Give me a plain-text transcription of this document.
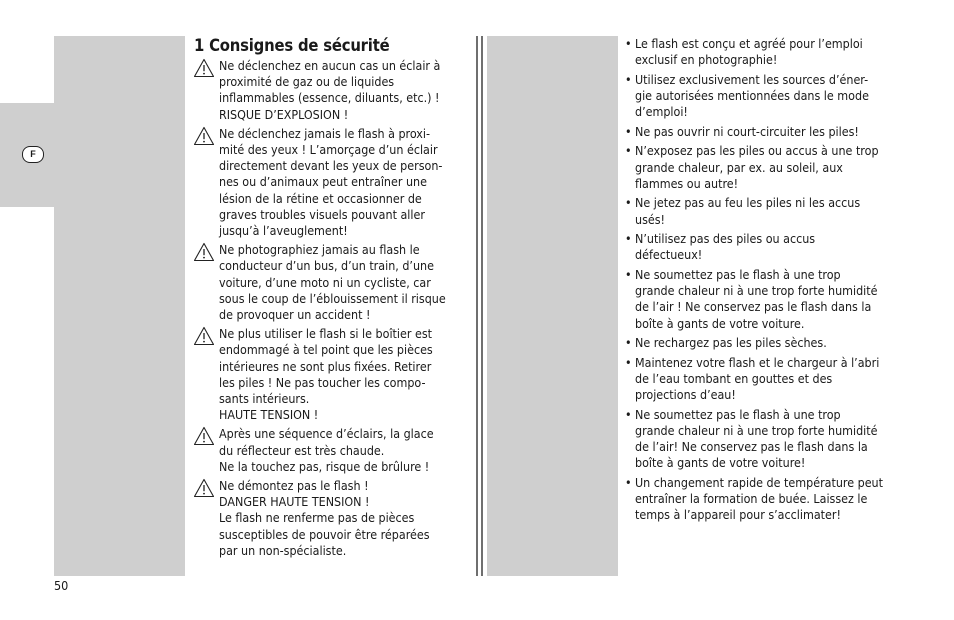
F
50
1 Consignes de sécurité
Ne déclenchez en aucun cas un éclair à
proximité de gaz ou de liquides
inflammables (essence, diluants, etc.) !
RISQUE D’EXPLOSION !
Ne déclenchez jamais le flash à proxi-
mité des yeux ! L’amorçage d’un éclair
directement devant les yeux de person-
nes ou d’animaux peut entraîner une
lésion de la rétine et occasionner de
graves troubles visuels pouvant aller
jusqu’à l’aveuglement!
Ne photographiez jamais au flash le
conducteur d’un bus, d’un train, d’une
voiture, d’une moto ni un cycliste, car
sous le coup de l’éblouissement il risque
de provoquer un accident !
Ne plus utiliser le flash si le boîtier est
endommagé à tel point que les pièces
intérieures ne sont plus fixées. Retirer
les piles ! Ne pas toucher les compo-
sants intérieurs.
HAUTE TENSION !
Après une séquence d’éclairs, la glace
du réflecteur est très chaude.
Ne la touchez pas, risque de brûlure !
Ne démontez pas le flash !
DANGER HAUTE TENSION !
Le flash ne renferme pas de pièces
susceptibles de pouvoir être réparées
par un non-spécialiste.
• Le flash est conçu et agréé pour l’emploi
exclusif en photographie!
• Utilisez exclusivement les sources d’éner-
gie autorisées mentionnées dans le mode
d’emploi!
• Ne pas ouvrir ni court-circuiter les piles!
• N’exposez pas les piles ou accus à une trop
grande chaleur, par ex. au soleil, aux
flammes ou autre!
• Ne jetez pas au feu les piles ni les accus
usés!
• N’utilisez pas des piles ou accus
défectueux!
• Ne soumettez pas le flash à une trop
grande chaleur ni à une trop forte humidité
de l’air ! Ne conservez pas le flash dans la
boîte à gants de votre voiture.
• Ne rechargez pas les piles sèches.
• Maintenez votre flash et le chargeur à l’abri
de l’eau tombant en gouttes et des
projections d’eau!
• Ne soumettez pas le flash à une trop
grande chaleur ni à une trop forte humidité
de l’air! Ne conservez pas le flash dans la
boîte à gants de votre voiture!
• Un changement rapide de température peut
entraîner la formation de buée. Laissez le
temps à l’appareil pour s’acclimater!
